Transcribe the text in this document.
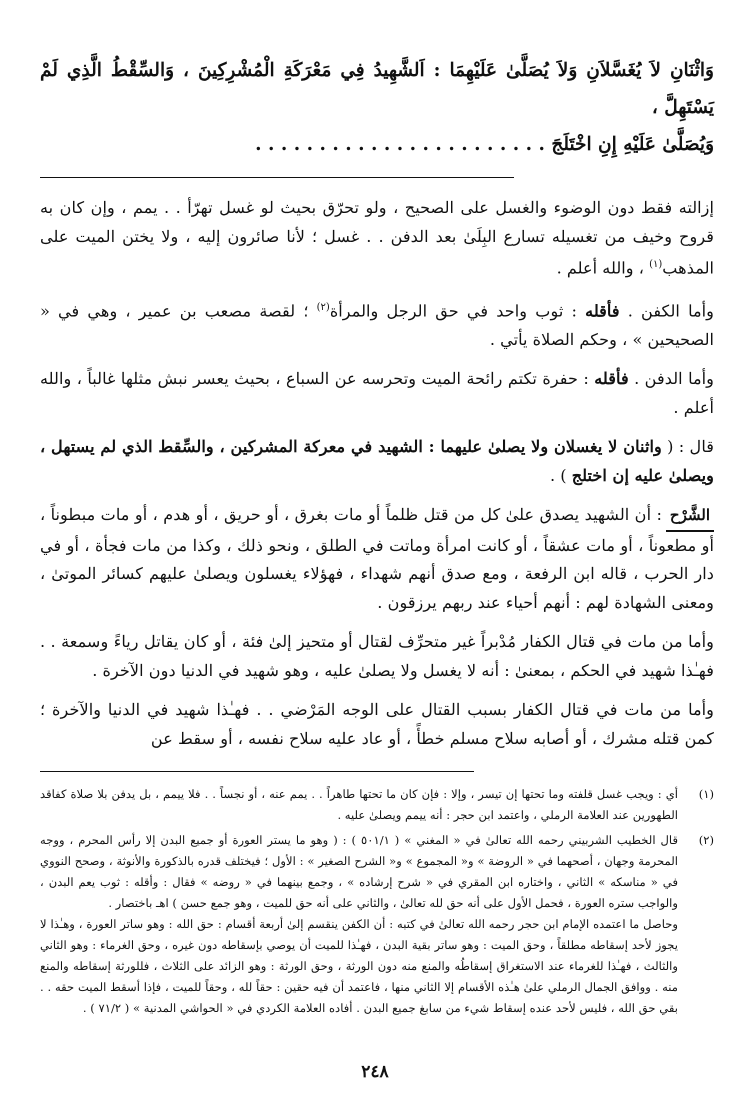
وَاثْنَانِ لاَ يُغَسَّلاَنِ وَلاَ يُصَلَّىٰ عَلَيْهِمَا : اَلشَّهِيدُ فِي مَعْرَكَةِ الْمُشْرِكِينَ ، وَالسِّقْطُ الَّذِي لَمْ يَسْتَهِلَّ ،
وَيُصَلَّىٰ عَلَيْهِ إِنِ اخْتَلَجَ . . . . . . . . . . . . . . . . . . . . . . .

إزالته فقط دون الوضوء والغسل على الصحيح ، ولو تحرّق بحيث لو غسل تهرّأ . . يمم ، وإن كان به قروح وخيف من تغسيله تسارع البِلَىٰ بعد الدفن . . غسل ؛ لأنا صائرون إليه ، ولا يختن الميت على المذهب$^{(١)}$ ، والله أعلم .

وأما الكفن . فأقله : ثوب واحد في حق الرجل والمرأة$^{(٢)}$ ؛ لقصة مصعب بن عمير ، وهي في « الصحيحين » ، وحكم الصلاة يأتي .

وأما الدفن . فأقله : حفرة تكتم رائحة الميت وتحرسه عن السباع ، بحيث يعسر نبش مثلها غالباً ، والله أعلم .

قال : ( واثنان لا يغسلان ولا يصلىٰ عليهما : الشهيد في معركة المشركين ، والسِّقط الذي لم يستهل ، ويصلىٰ عليه إن اختلج ) .

الشَّرْح: أن الشهيد يصدق علىٰ كل من قتل ظلماً أو مات بغرق ، أو حريق ، أو هدم ، أو مات مبطوناً ، أو مطعوناً ، أو مات عشقاً ، أو كانت امرأة وماتت في الطلق ، ونحو ذلك ، وكذا من مات فجأة ، أو في دار الحرب ، قاله ابن الرفعة ، ومع صدق أنهم شهداء ، فهؤلاء يغسلون ويصلىٰ عليهم كسائر الموتىٰ ، ومعنى الشهادة لهم : أنهم أحياء عند ربهم يرزقون .

وأما من مات في قتال الكفار مُدْبراً غير متحرِّف لقتال أو متحيز إلىٰ فئة ، أو كان يقاتل رياءً وسمعة . . فهـٰذا شهيد في الحكم ، بمعنىٰ : أنه لا يغسل ولا يصلىٰ عليه ، وهو شهيد في الدنيا دون الآخرة .

وأما من مات في قتال الكفار بسبب القتال على الوجه المَرْضي . . فهـٰذا شهيد في الدنيا والآخرة ؛ كمن قتله مشرك ، أو أصابه سلاح مسلم خطأً ، أو عاد عليه سلاح نفسه ، أو سقط عن

(١)
أي : ويجب غسل قلفته وما تحتها إن تيسر ، وإلا : فإن كان ما تحتها طاهراً . . يمم عنه ، أو نجساً . . فلا ييمم ، بل يدفن بلا صلاة كفاقد الطهورين عند العلامة الرملي ، واعتمد ابن حجر : أنه ييمم ويصلىٰ عليه .
(٢)
قال الخطيب الشربيني رحمه الله تعالىٰ في « المغني » ( ٥٠١/١ ) : ( وهو ما يستر العورة أو جميع البدن إلا رأس المحرم ، ووجه المحرمة وجهان ، أصحهما في « الروضة » و« المجموع » و« الشرح الصغير » : الأول ؛ فيختلف قدره بالذكورة والأنوثة ، وصحح النووي في « مناسكه » الثاني ، واختاره ابن المقري في « شرح إرشاده » ، وجمع بينهما في « روضه » فقال : وأقله : ثوب يعم البدن ، والواجب ستره العورة ، فحمل الأول على أنه حق لله تعالىٰ ، والثاني على أنه حق للميت ، وهو جمع حسن ) اهـ باختصار .
وحاصل ما اعتمده الإمام ابن حجر رحمه الله تعالىٰ في كتبه : أن الكفن ينقسم إلىٰ أربعة أقسام : حق الله : وهو ساتر العورة ، وهـٰذا لا يجوز لأحد إسقاطه مطلقاً ، وحق الميت : وهو ساتر بقية البدن ، فهـٰذا للميت أن يوصي بإسقاطه دون غيره ، وحق الغرماء : وهو الثاني والثالث ، فهـٰذا للغرماء عند الاستغراق إسقاطُه والمنع منه دون الورثة ، وحق الورثة : وهو الزائد على الثلاث ، فللورثة إسقاطه والمنع منه . ووافق الجمال الرملي علىٰ هـٰذه الأقسام إلا الثاني منها ، فاعتمد أن فيه حقين : حقاً لله ، وحقاً للميت ، فإذا أسقط الميت حقه . . بقي حق الله ، فليس لأحد عنده إسقاط شيء من سابغ جميع البدن . أفاده العلامة الكردي في « الحواشي المدنية » ( ٧١/٢ ) .
٢٤٨
